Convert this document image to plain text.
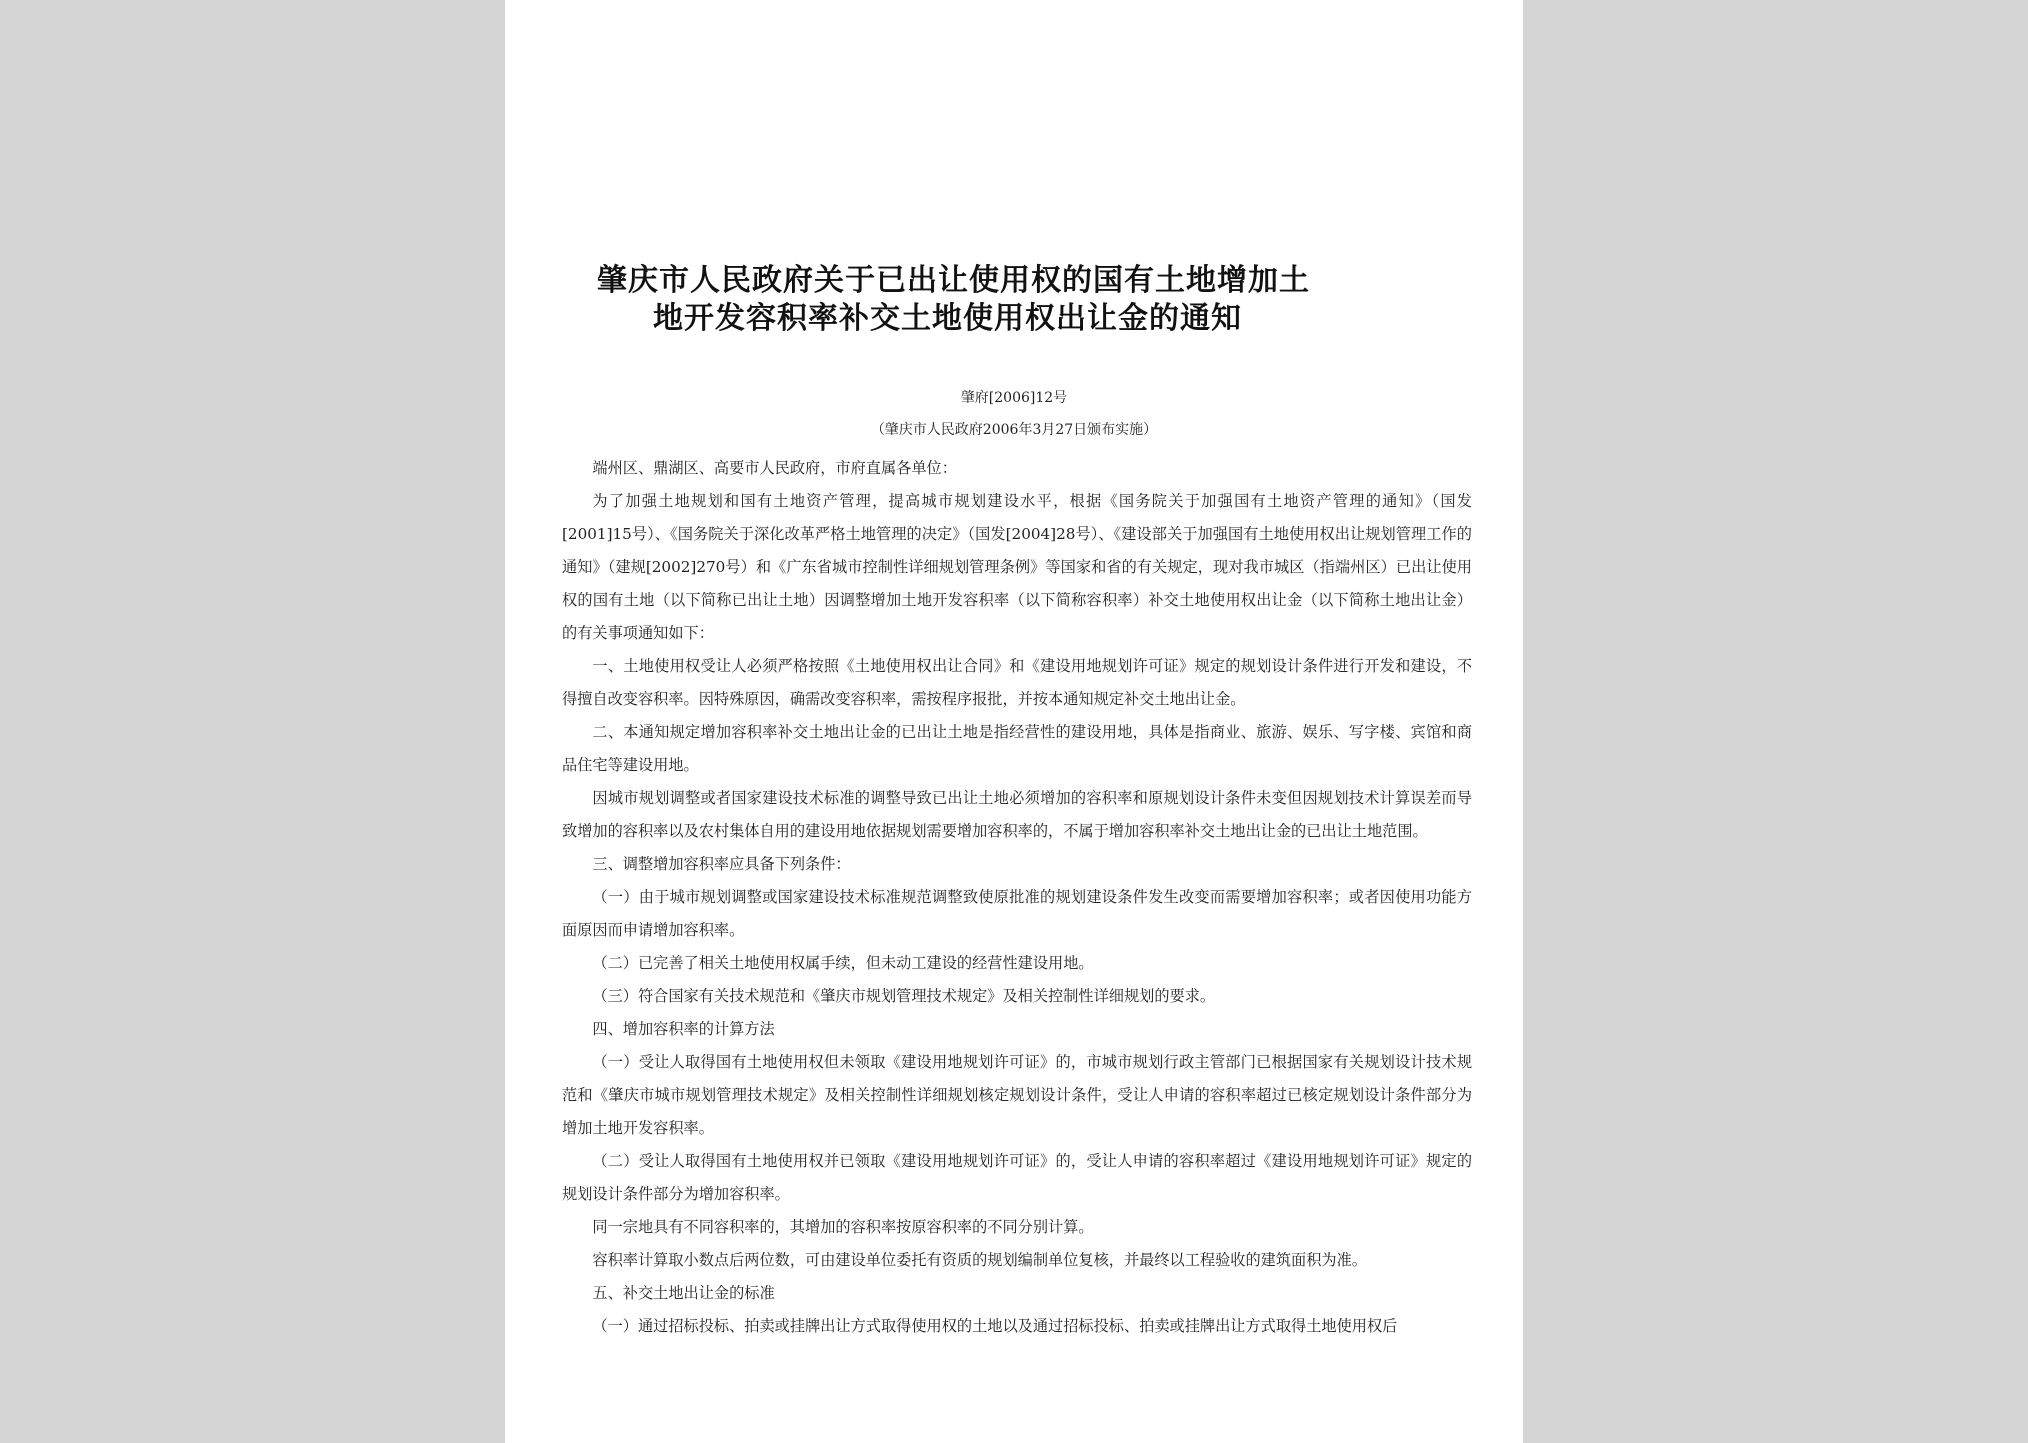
肇庆市人民政府关于已出让使用权的国有土地增加土
地开发容积率补交土地使用权出让金的通知
肇府[2006]12号
（肇庆市人民政府2006年3月27日颁布实施）

端州区、鼎湖区、高要市人民政府，市府直属各单位：

为了加强土地规划和国有土地资产管理，提高城市规划建设水平，根据《国务院关于加强国有土地资产管理的通知》（国发[2001]15号）、《国务院关于深化改革严格土地管理的决定》（国发[2004]28号）、《建设部关于加强国有土地使用权出让规划管理工作的通知》（建规[2002]270号）和《广东省城市控制性详细规划管理条例》等国家和省的有关规定，现对我市城区（指端州区）已出让使用权的国有土地（以下简称已出让土地）因调整增加土地开发容积率（以下简称容积率）补交土地使用权出让金（以下简称土地出让金）的有关事项通知如下：

一、土地使用权受让人必须严格按照《土地使用权出让合同》和《建设用地规划许可证》规定的规划设计条件进行开发和建设，不得擅自改变容积率。因特殊原因，确需改变容积率，需按程序报批，并按本通知规定补交土地出让金。

二、本通知规定增加容积率补交土地出让金的已出让土地是指经营性的建设用地，具体是指商业、旅游、娱乐、写字楼、宾馆和商品住宅等建设用地。

因城市规划调整或者国家建设技术标准的调整导致已出让土地必须增加的容积率和原规划设计条件未变但因规划技术计算误差而导致增加的容积率以及农村集体自用的建设用地依据规划需要增加容积率的，不属于增加容积率补交土地出让金的已出让土地范围。

三、调整增加容积率应具备下列条件：

（一）由于城市规划调整或国家建设技术标准规范调整致使原批准的规划建设条件发生改变而需要增加容积率；或者因使用功能方面原因而申请增加容积率。

（二）已完善了相关土地使用权属手续，但未动工建设的经营性建设用地。

（三）符合国家有关技术规范和《肇庆市规划管理技术规定》及相关控制性详细规划的要求。

四、增加容积率的计算方法

（一）受让人取得国有土地使用权但未领取《建设用地规划许可证》的，市城市规划行政主管部门已根据国家有关规划设计技术规范和《肇庆市城市规划管理技术规定》及相关控制性详细规划核定规划设计条件，受让人申请的容积率超过已核定规划设计条件部分为增加土地开发容积率。

（二）受让人取得国有土地使用权并已领取《建设用地规划许可证》的，受让人申请的容积率超过《建设用地规划许可证》规定的规划设计条件部分为增加容积率。

同一宗地具有不同容积率的，其增加的容积率按原容积率的不同分别计算。

容积率计算取小数点后两位数，可由建设单位委托有资质的规划编制单位复核，并最终以工程验收的建筑面积为准。

五、补交土地出让金的标准

（一）通过招标投标、拍卖或挂牌出让方式取得使用权的土地以及通过招标投标、拍卖或挂牌出让方式取得土地使用权后
